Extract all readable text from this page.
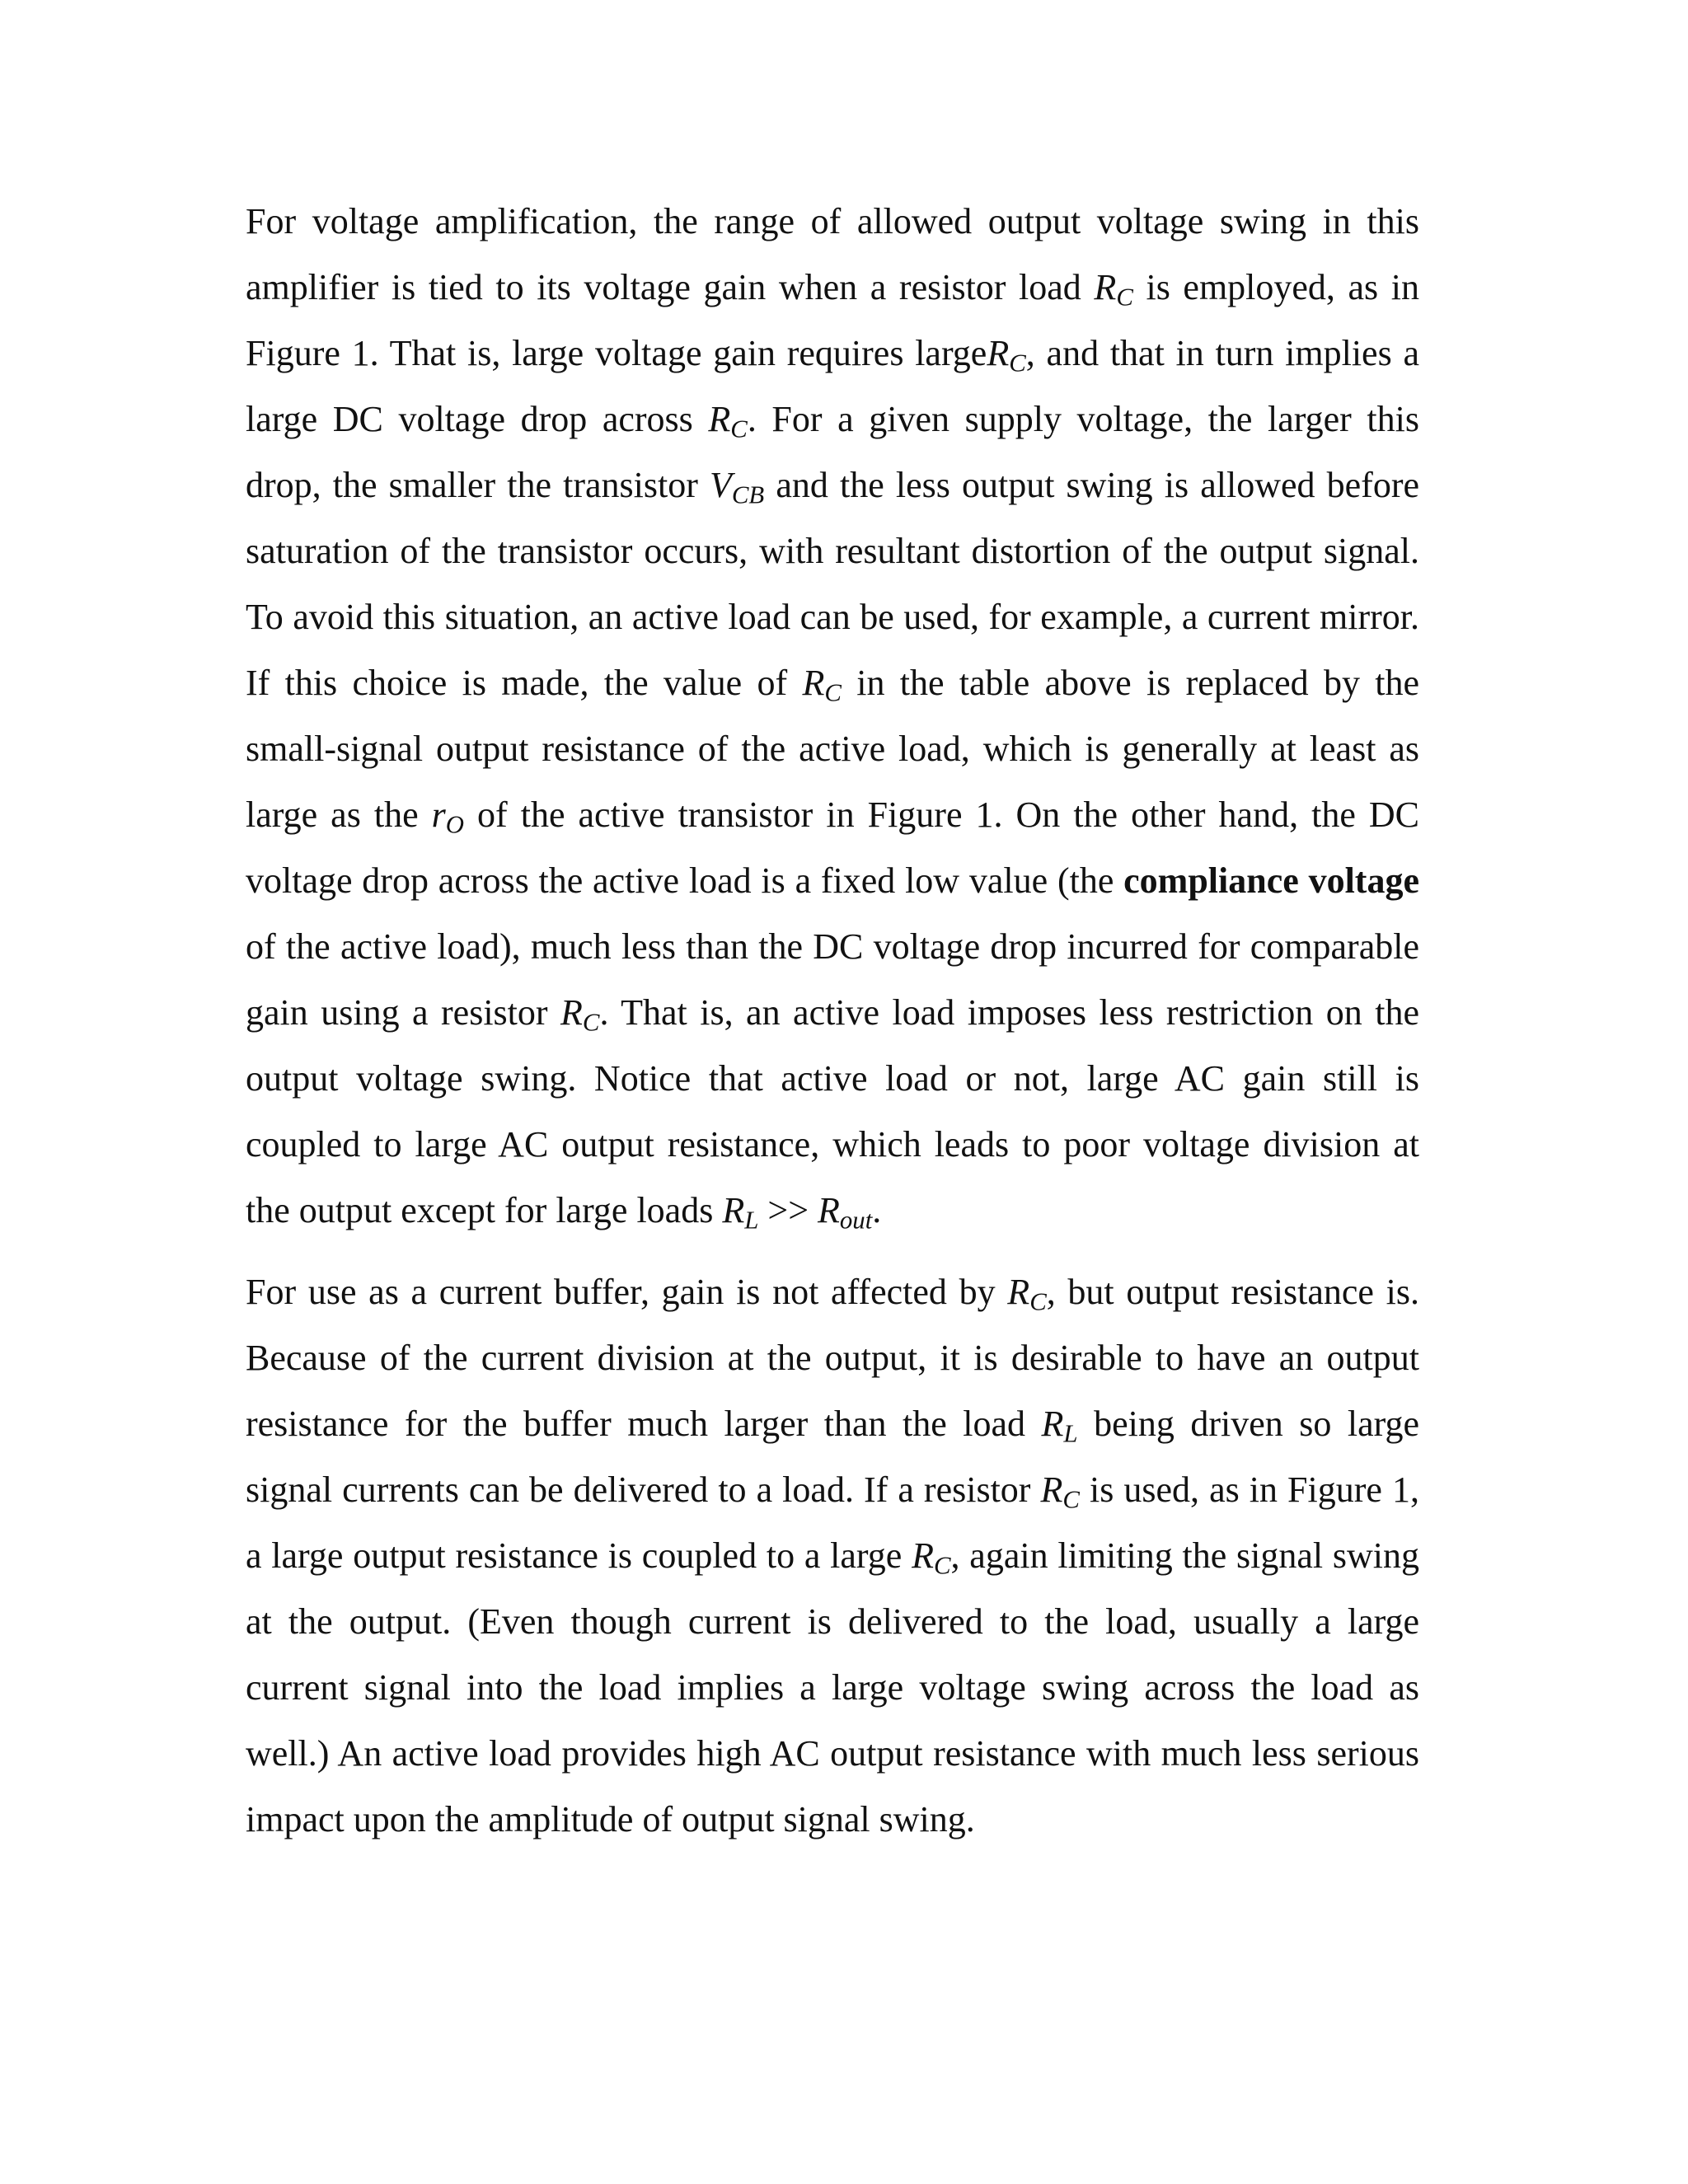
For voltage amplification, the range of allowed output voltage swing in this amplifier is tied to its voltage gain when a resistor load $R_C$ is employed, as in Figure 1. That is, large voltage gain requires largeR$_C$, and that in turn implies a large DC voltage drop across $R_C$. For a given supply voltage, the larger this drop, the smaller the transistor $V_{CB}$ and the less output swing is allowed before saturation of the transistor occurs, with resultant distortion of the output signal. To avoid this situation, an active load can be used, for example, a current mirror. If this choice is made, the value of $R_C$ in the table above is replaced by the small-signal output resistance of the active load, which is generally at least as large as the $r_O$ of the active transistor in Figure 1. On the other hand, the DC voltage drop across the active load is a fixed low value (the compliance voltage of the active load), much less than the DC voltage drop incurred for comparable gain using a resistor $R_C$. That is, an active load imposes less restriction on the output voltage swing. Notice that active load or not, large AC gain still is coupled to large AC output resistance, which leads to poor voltage division at the output except for large loads $R_L >> R_{out}$.

For use as a current buffer, gain is not affected by $R_C$, but output resistance is. Because of the current division at the output, it is desirable to have an output resistance for the buffer much larger than the load $R_L$ being driven so large signal currents can be delivered to a load. If a resistor $R_C$ is used, as in Figure 1, a large output resistance is coupled to a large $R_C$, again limiting the signal swing at the output. (Even though current is delivered to the load, usually a large current signal into the load implies a large voltage swing across the load as well.) An active load provides high AC output resistance with much less serious impact upon the amplitude of output signal swing.
